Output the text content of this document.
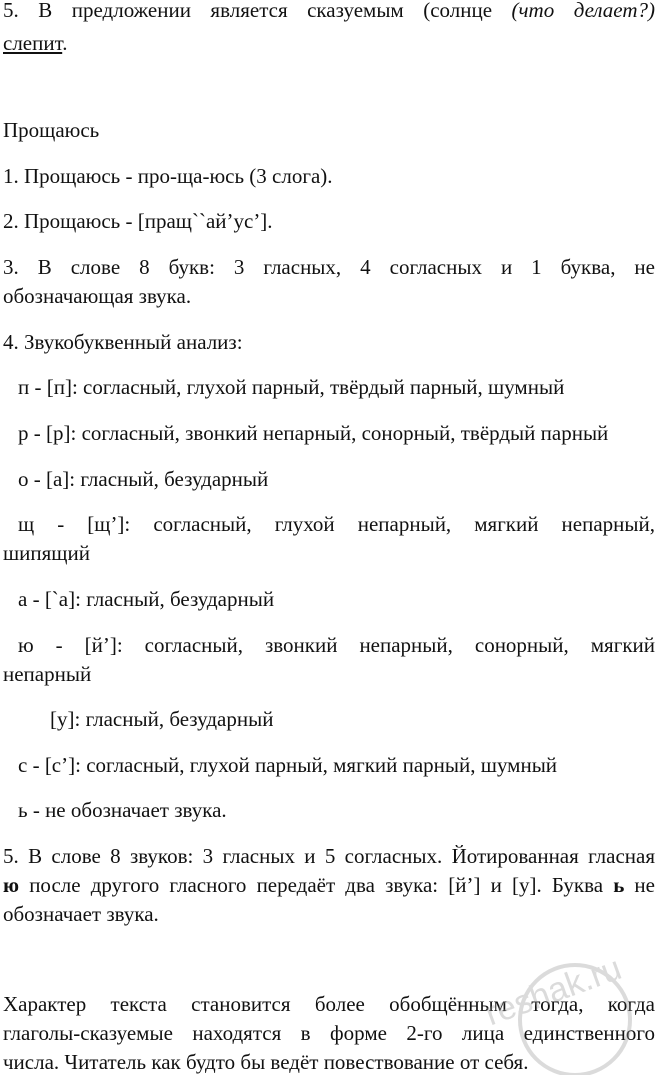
5. В предложении является сказуемым (солнце (что делает?)
слепит.
Прощаюсь
1. Прощаюсь - про-ща-юсь (3 слога).
2. Прощаюсь - [пращ``ай’ус’].
3. В слове 8 букв: 3 гласных, 4 согласных и 1 буква, не
обозначающая звука.
4. Звукобуквенный анализ:
п - [п]: согласный, глухой парный, твёрдый парный, шумный
р - [р]: согласный, звонкий непарный, сонорный, твёрдый парный
о - [а]: гласный, безударный
щ - [щ’]: согласный, глухой непарный, мягкий непарный,
шипящий
а - [`а]: гласный, безударный
ю - [й’]: согласный, звонкий непарный, сонорный, мягкий
непарный
[у]: гласный, безударный
с - [с’]: согласный, глухой парный, мягкий парный, шумный
ь - не обозначает звука.
5. В слове 8 звуков: 3 гласных и 5 согласных. Йотированная гласная
ю после другого гласного передаёт два звука: [й’] и [у]. Буква ь не
обозначает звука.
Характер текста становится более обобщённым тогда, когда
глаголы-сказуемые находятся в форме 2-го лица единственного
числа. Читатель как будто бы ведёт повествование от себя.
reshak.ru
